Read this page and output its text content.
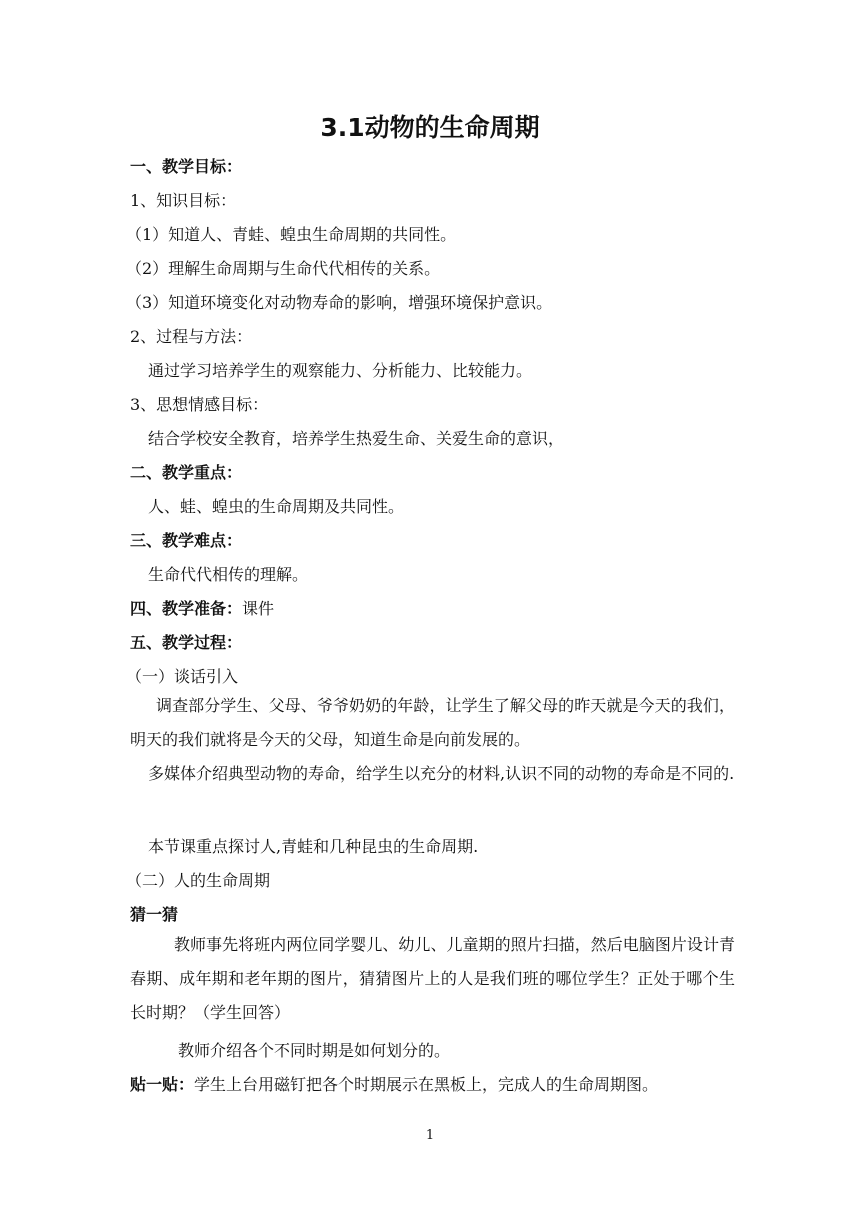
3.1动物的生命周期
一、教学目标：
1、知识目标：
（1）知道人、青蛙、蝗虫生命周期的共同性。
（2）理解生命周期与生命代代相传的关系。
（3）知道环境变化对动物寿命的影响，增强环境保护意识。
2、过程与方法：
通过学习培养学生的观察能力、分析能力、比较能力。
3、思想情感目标：
结合学校安全教育，培养学生热爱生命、关爱生命的意识，
二、教学重点：
人、蛙、蝗虫的生命周期及共同性。
三、教学难点：
生命代代相传的理解。
四、教学准备：课件
五、教学过程：
（一）谈话引入
调查部分学生、父母、爷爷奶奶的年龄，让学生了解父母的昨天就是今天的我们，明天的我们就将是今天的父母，知道生命是向前发展的。
多媒体介绍典型动物的寿命，给学生以充分的材料,认识不同的动物的寿命是不同的.
本节课重点探讨人,青蛙和几种昆虫的生命周期.
（二）人的生命周期
猜一猜
教师事先将班内两位同学婴儿、幼儿、儿童期的照片扫描，然后电脑图片设计青春期、成年期和老年期的图片，猜猜图片上的人是我们班的哪位学生？正处于哪个生长时期？（学生回答）
教师介绍各个不同时期是如何划分的。
贴一贴：学生上台用磁钉把各个时期展示在黑板上，完成人的生命周期图。
1
